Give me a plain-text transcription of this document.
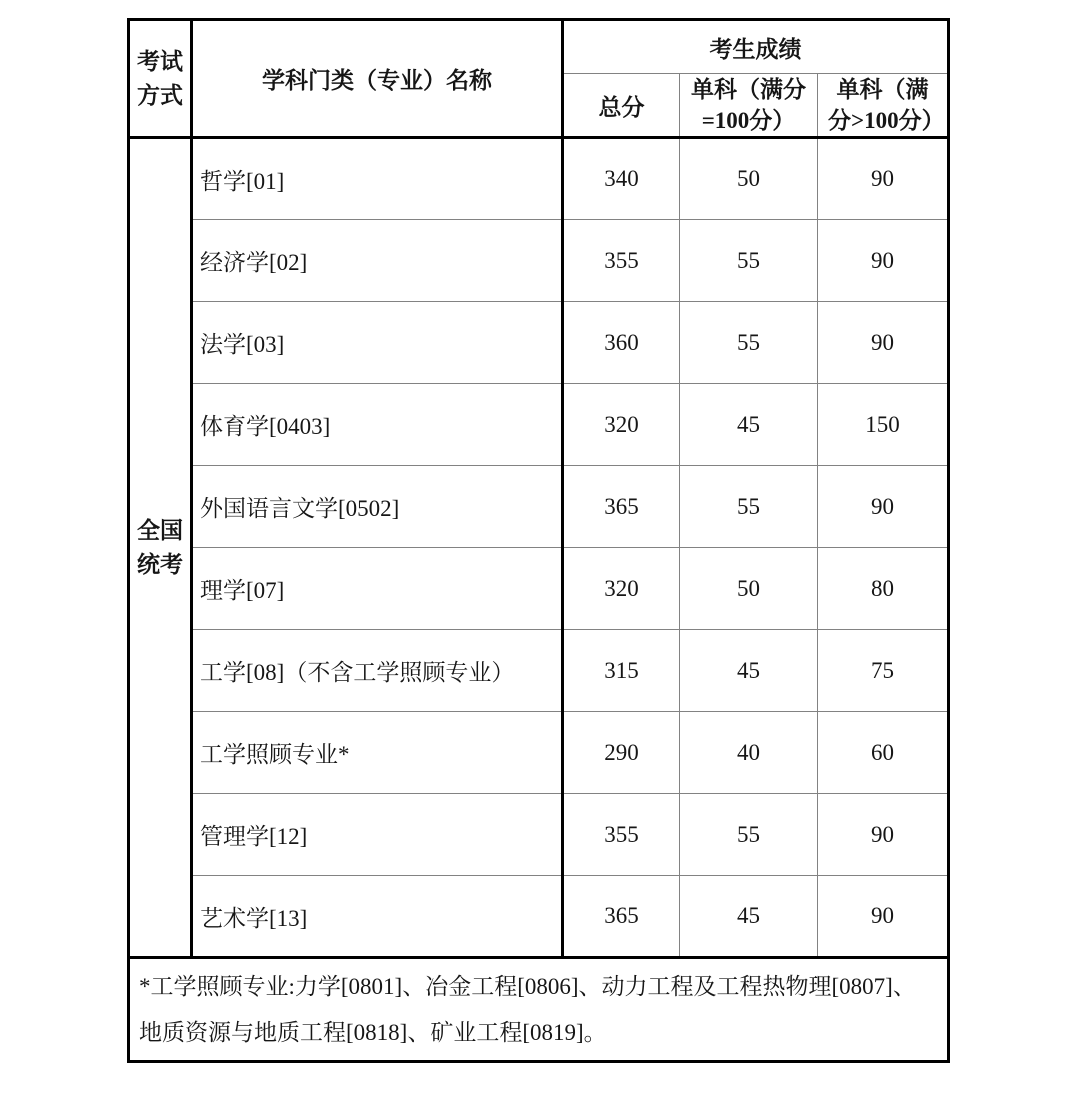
考试方式	学科门类（专业）名称	考生成绩		
		总分	单科（满分=100分）	单科（满分>100分）
全国统考	哲学[01]	340	50	90
	经济学[02]	355	55	90
	法学[03]	360	55	90
	体育学[0403]	320	45	150
	外国语言文学[0502]	365	55	90
	理学[07]	320	50	80
	工学[08]（不含工学照顾专业）	315	45	75
	工学照顾专业*	290	40	60
	管理学[12]	355	55	90
	艺术学[13]	365	45	90
*工学照顾专业:力学[0801]、冶金工程[0806]、动力工程及工程热物理[0807]、地质资源与地质工程[0818]、矿业工程[0819]。				
